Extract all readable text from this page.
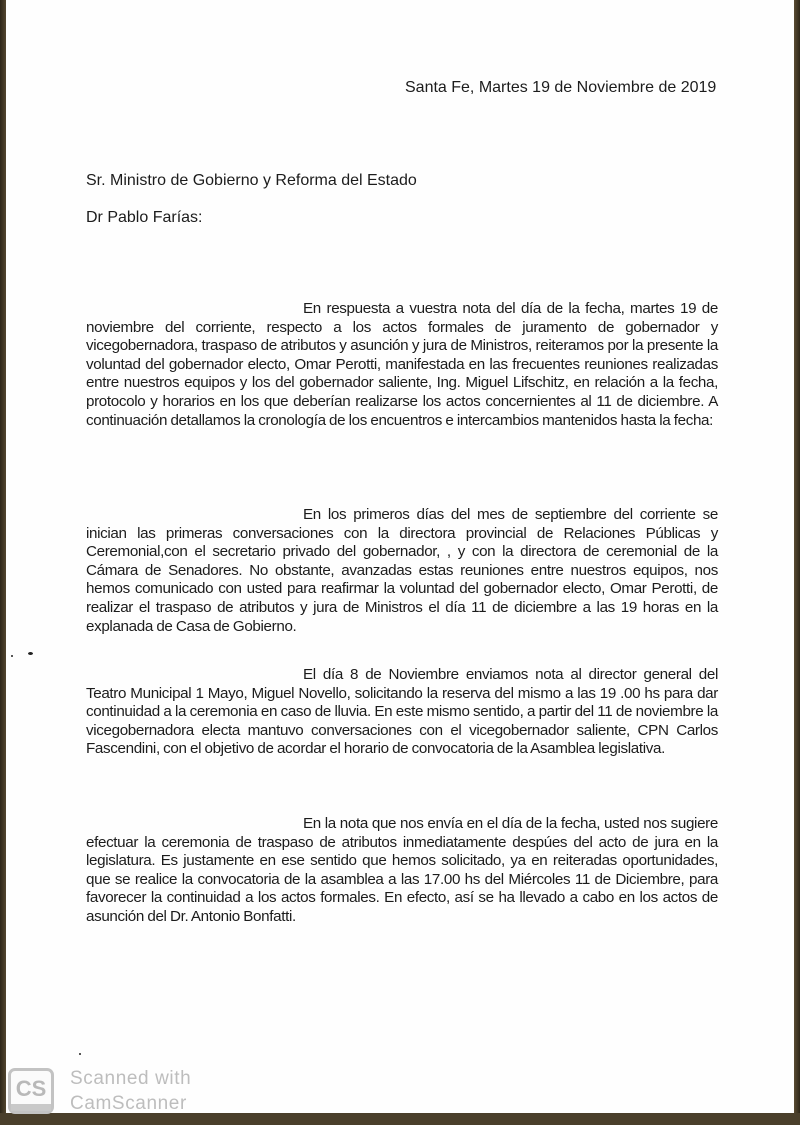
Santa Fe, Martes 19 de Noviembre de 2019
Sr. Ministro de Gobierno y Reforma del Estado
Dr Pablo Farías:
En respuesta a vuestra nota del día de la fecha, martes 19 de noviembre del corriente, respecto a los actos formales de juramento de gobernador y vicegobernadora, traspaso de atributos y asunción y jura de Ministros, reiteramos por la presente la voluntad del gobernador electo, Omar Perotti, manifestada en las frecuentes reuniones realizadas entre nuestros equipos y los del gobernador saliente, Ing. Miguel Lifschitz, en relación a la fecha, protocolo y horarios en los que deberían realizarse los actos concernientes al 11 de diciembre. A continuación detallamos la cronología de los encuentros e intercambios mantenidos hasta la fecha:
En los primeros días del mes de septiembre del corriente se inician las primeras conversaciones con la directora provincial de Relaciones Públicas y Ceremonial,con el secretario privado del gobernador, , y con la directora de ceremonial de la Cámara de Senadores. No obstante, avanzadas estas reuniones entre nuestros equipos, nos hemos comunicado con usted para reafirmar la voluntad del gobernador electo, Omar Perotti, de realizar el traspaso de atributos y jura de Ministros el día 11 de diciembre a las 19 horas en la explanada de Casa de Gobierno.
El día 8 de Noviembre enviamos nota al director general del Teatro Municipal 1 Mayo, Miguel Novello, solicitando la reserva del mismo a las 19 .00 hs para dar continuidad a la ceremonia en caso de lluvia. En este mismo sentido, a partir del 11 de noviembre la vicegobernadora electa mantuvo conversaciones con el vicegobernador saliente, CPN Carlos Fascendini, con el objetivo de acordar el horario de convocatoria de la Asamblea legislativa.
En la nota que nos envía en el día de la fecha, usted nos sugiere efectuar la ceremonia de traspaso de atributos inmediatamente despúes del acto de jura en la legislatura. Es justamente en ese sentido que hemos solicitado, ya en reiteradas oportunidades, que se realice la convocatoria de la asamblea a las 17.00 hs del Miércoles 11 de Diciembre, para favorecer la continuidad a los actos formales. En efecto, así se ha llevado a cabo en los actos de asunción del Dr. Antonio Bonfatti.
CS	Scanned with
CamScanner
